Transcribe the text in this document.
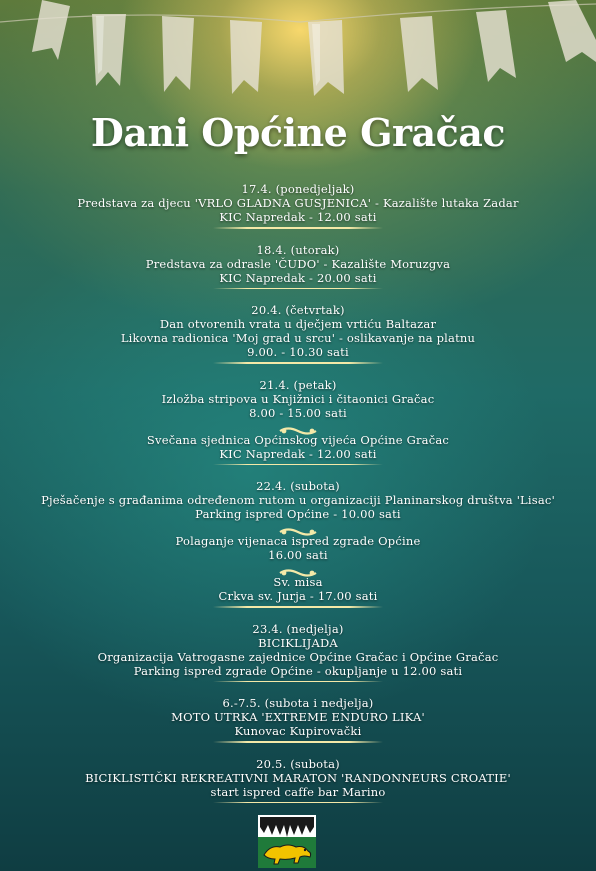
Dani Općine Gračac
17.4. (ponedjeljak)
Predstava za djecu 'VRLO GLADNA GUSJENICA' - Kazalište lutaka Zadar
KIC Napredak - 12.00 sati
18.4. (utorak)
Predstava za odrasle 'ČUDO' - Kazalište Moruzgva
KIC Napredak - 20.00 sati
20.4. (četvrtak)
Dan otvorenih vrata u dječjem vrtiću Baltazar
Likovna radionica 'Moj grad u srcu' - oslikavanje na platnu
9.00. - 10.30 sati
21.4. (petak)
Izložba stripova u Knjižnici i čitaonici Gračac
8.00 - 15.00 sati
Svečana sjednica Općinskog vijeća Općine Gračac
KIC Napredak - 12.00 sati
22.4. (subota)
Pješačenje s građanima određenom rutom u organizaciji Planinarskog društva 'Lisac'
Parking ispred Općine - 10.00 sati
Polaganje vijenaca ispred zgrade Općine
16.00 sati
Sv. misa
Crkva sv. Jurja - 17.00 sati
23.4. (nedjelja)
BICIKLIJADA
Organizacija Vatrogasne zajednice Općine Gračac i Općine Gračac
Parking ispred zgrade Općine - okupljanje u 12.00 sati
6.-7.5. (subota i nedjelja)
MOTO UTRKA 'EXTREME ENDURO LIKA'
Kunovac Kupirovački
20.5. (subota)
BICIKLISTIČKI REKREATIVNI MARATON 'RANDONNEURS CROATIE'
start ispred caffe bar Marino
